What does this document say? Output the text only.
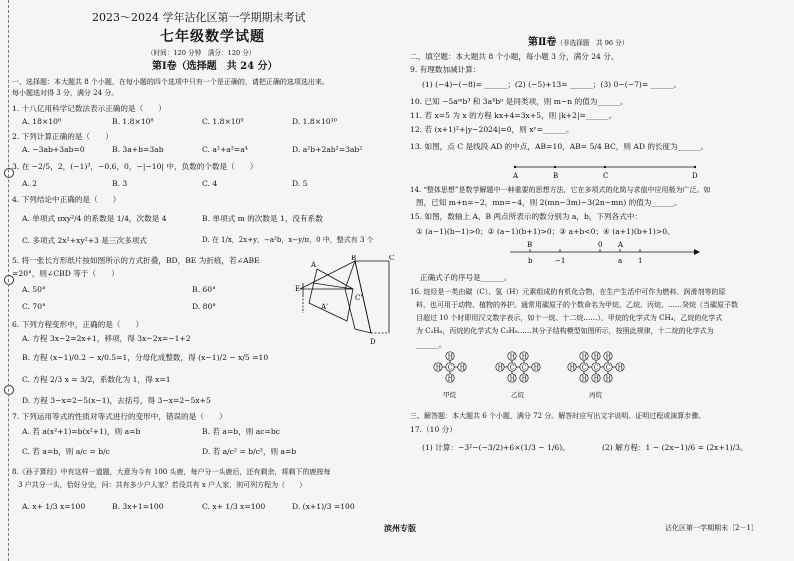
2023～2024 学年沾化区第一学期期末考试
七年级数学试题
（时间：120 分钟　满分：120 分）
第Ⅰ卷（选择题　共 24 分）
一、选择题：本大题共 8 个小题，在每小题的四个选项中只有一个是正确的，请把正确的选项选出来。
每小题选对得 3 分，满分 24 分。
1. 十八亿用科学记数法表示正确的是（　　）
A. 18×10⁸	B. 1.8×10⁸	C. 1.8×10⁹	D. 1.8×10¹⁰
2. 下列计算正确的是（　　）
A. −3ab+3ab=0	B. 3a+b=3ab	C. a²+a²=a⁴	D. a²b+2ab²=3ab²
3. 在 −2/5，2，(−1)³，−0.6，0，−|−10| 中，负数的个数是（　　）
A. 2	B. 3	C. 4	D. 5
4. 下列结论中正确的是（　　）
A. 单项式 πxy²/4 的系数是 1/4，次数是 4	B. 单项式 m 的次数是 1，没有系数
C. 多项式 2x²+xy²+3 是三次多项式	D. 在 1/x，2x+y，−a²b，x−y/π，0 中，整式有 3 个
5. 将一张长方形纸片按如图所示的方式折叠，BD，BE 为折痕，若∠ABE
=20°，则∠CBD 等于（　　）
A. 50°	B. 60°
C. 70°	D. 80°
A
B	C
E
A'
C'
D
6. 下列方程变形中，正确的是（　　）
A. 方程 3x−2=2x+1，移项，得 3x−2x=−1+2
B. 方程 (x−1)/0.2 − x/0.5=1，分母化成整数，得 (x−1)/2 − x/5 =10
C. 方程 2/3 x = 3/2，系数化为 1，得 x=1
D. 方程 3−x=2−5(x−1)，去括号，得 3−x=2−5x+5
7. 下列运用等式的性质对等式进行的变形中，错误的是（　　）
A. 若 a(x²+1)=b(x²+1)，则 a=b	B. 若 a=b，则 ac=bc
C. 若 a=b，则 a/c = b/c	D. 若 a/c² = b/c²，则 a=b
8.《孙子算经》中有这样一道题，大意为今有 100 头鹿，每户分一头鹿后，还有剩余，将剩下的鹿按每
3 户共分一头，恰好分完，问：共有多少户人家？若设共有 x 户人家，则可列方程为（　　）
A. x+ 1/3 x=100	B. 3x+1=100	C. x+ 1/3 x=100	D. (x+1)/3 =100
第Ⅱ卷（非选择题　共 96 分）
二、填空题：本大题共 8 个小题，每小题 3 分，满分 24 分。
9. 有理数加减计算：
(1) (−4)−(−8)= ______；(2) (−5)+13= ______；(3) 0−(−7)= ______。
10. 已知 −5aᵐb³ 和 3a⁴bⁿ 是同类项，则 m−n 的值为______。
11. 若 x=5 为 x 的方程 kx+4=3x+5，则 |k+2|=______。
12. 若 (x+1)²+|y−2024|=0，则 xʸ=______。
13. 如图，点 C 是线段 AD 的中点，AB=10，AB= 5/4 BC，则 AD 的长度为______。
A	B	C	D
14. “整体思想”是数学解题中一种重要的思想方法，它在多项式的化简与求值中应用极为广泛。如
图，已知 m+n=−2，mn=−4，则 2(mn−3m)−3(2n−mn) 的值为______。
15. 如图，数轴上 A，B 两点所表示的数分别为 a，b，下列各式中：
① (a−1)(b−1)>0；② (a−1)(b+1)>0；③ a+b<0；④ (a+1)(b+1)>0。
B	0 A
b	−1	a 1
正确式子的序号是______。
16. 烷烃是一类由碳（C）、氢（H）元素组成的有机化合物，在生产生活中可作为燃料、润滑剂等的原
料，也可用于动物、植物的养护。通常用碳原子的个数命名为甲烷、乙烷、丙烷、……癸烷（当碳原子数
目超过 10 个时即用汉文数字表示，如十一烷、十二烷……），甲烷的化学式为 CH₄，乙烷的化学式
为 C₂H₆，丙烷的化学式为 C₃H₈……其分子结构模型如图所示，按照此规律，十二烷的化学式为
______。
H	H
H
H
C
甲烷
H	H
H
H
C
H
H
C
乙烷
H	H
H
H
C
H
H
C
H
H
C
丙烷
三、解答题：本大题共 6 个小题，满分 72 分。解答时应写出文字说明、证明过程或演算步骤。
17.（10 分）
(1) 计算：−3²−(−3/2)+6×(1/3 − 1/6)。	(2) 解方程：1 − (2x−1)/6 = (2x+1)/3。
滨州专版	沾化区第一学期期末［2－1］
